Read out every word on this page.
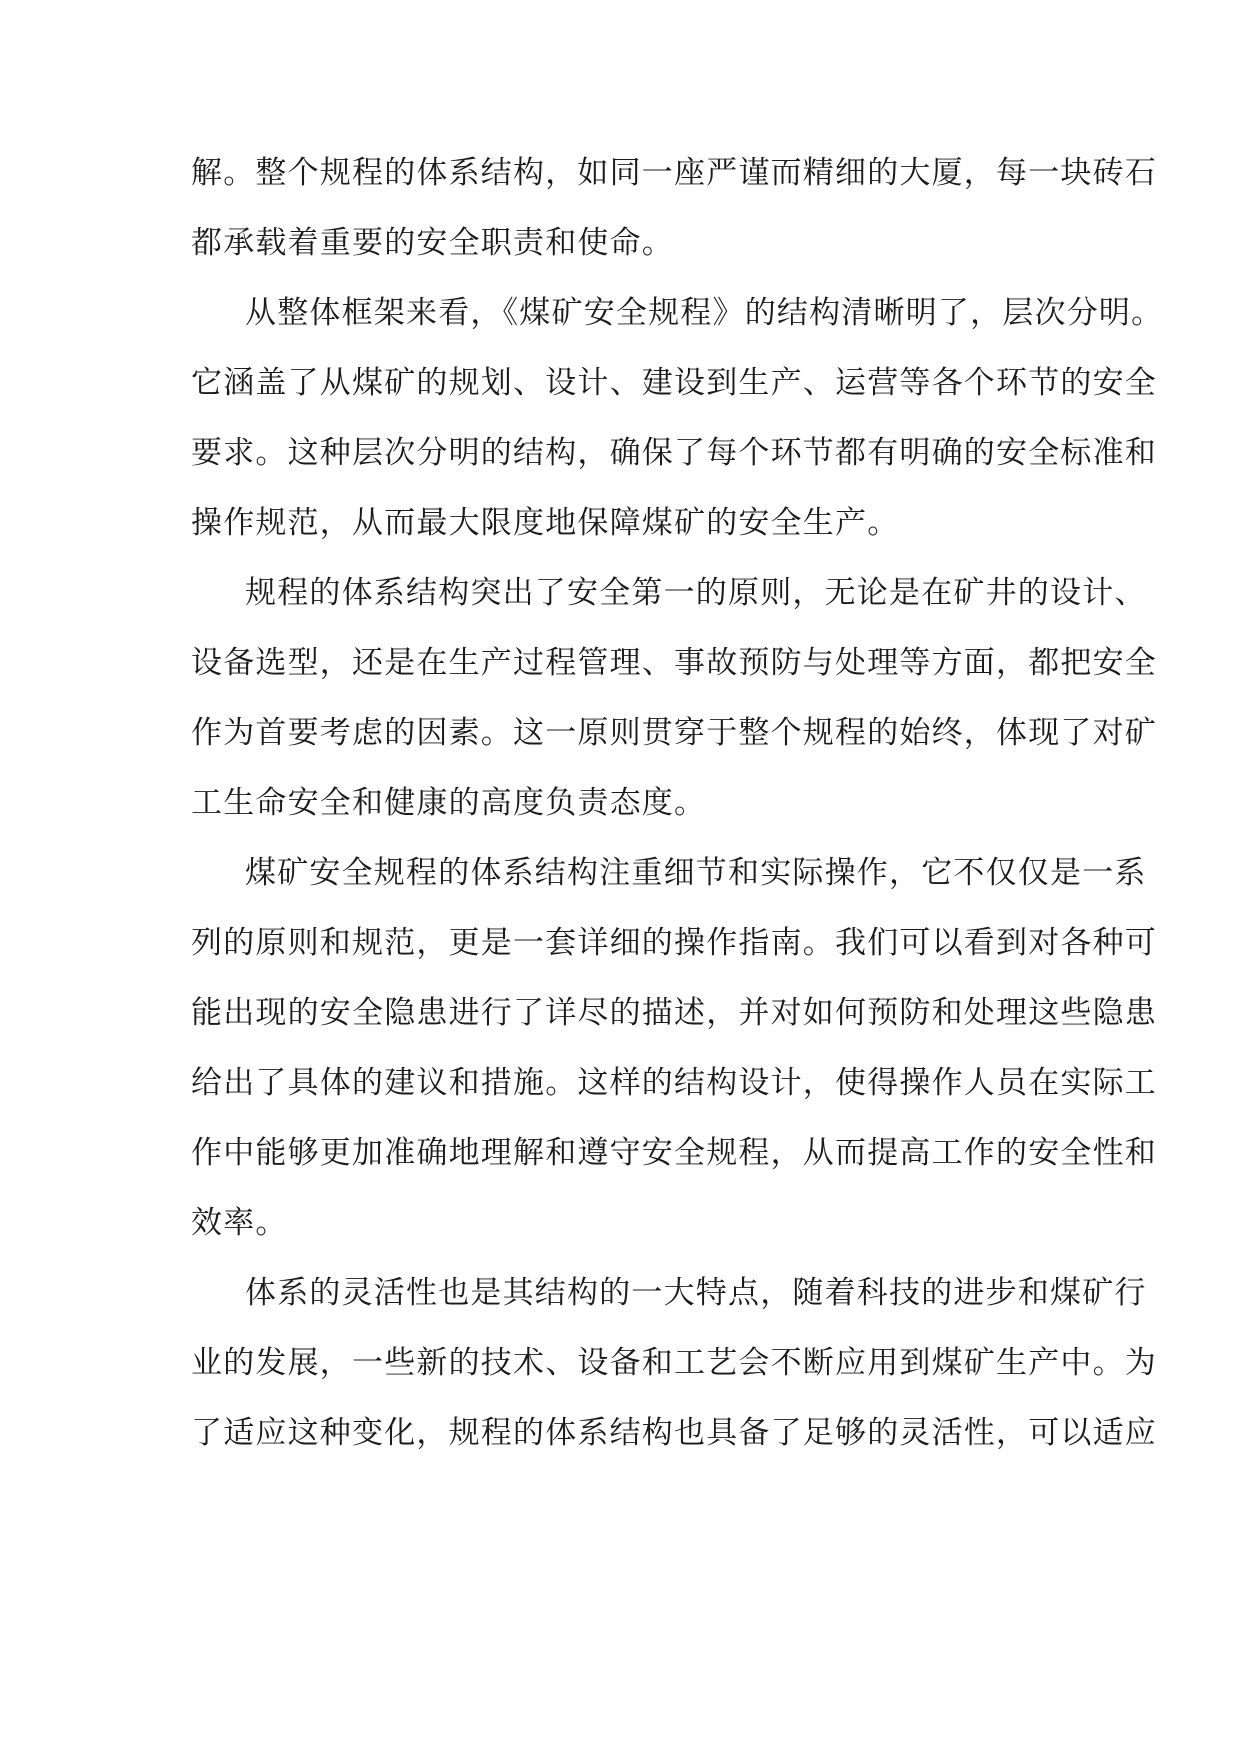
解。整个规程的体系结构，如同一座严谨而精细的大厦，每一块砖石
都承载着重要的安全职责和使命。
从整体框架来看，《煤矿安全规程》的结构清晰明了，层次分明。
它涵盖了从煤矿的规划、设计、建设到生产、运营等各个环节的安全
要求。这种层次分明的结构，确保了每个环节都有明确的安全标准和
操作规范，从而最大限度地保障煤矿的安全生产。
规程的体系结构突出了安全第一的原则，无论是在矿井的设计、
设备选型，还是在生产过程管理、事故预防与处理等方面，都把安全
作为首要考虑的因素。这一原则贯穿于整个规程的始终，体现了对矿
工生命安全和健康的高度负责态度。
煤矿安全规程的体系结构注重细节和实际操作，它不仅仅是一系
列的原则和规范，更是一套详细的操作指南。我们可以看到对各种可
能出现的安全隐患进行了详尽的描述，并对如何预防和处理这些隐患
给出了具体的建议和措施。这样的结构设计，使得操作人员在实际工
作中能够更加准确地理解和遵守安全规程，从而提高工作的安全性和
效率。
体系的灵活性也是其结构的一大特点，随着科技的进步和煤矿行
业的发展，一些新的技术、设备和工艺会不断应用到煤矿生产中。为
了适应这种变化，规程的体系结构也具备了足够的灵活性，可以适应
